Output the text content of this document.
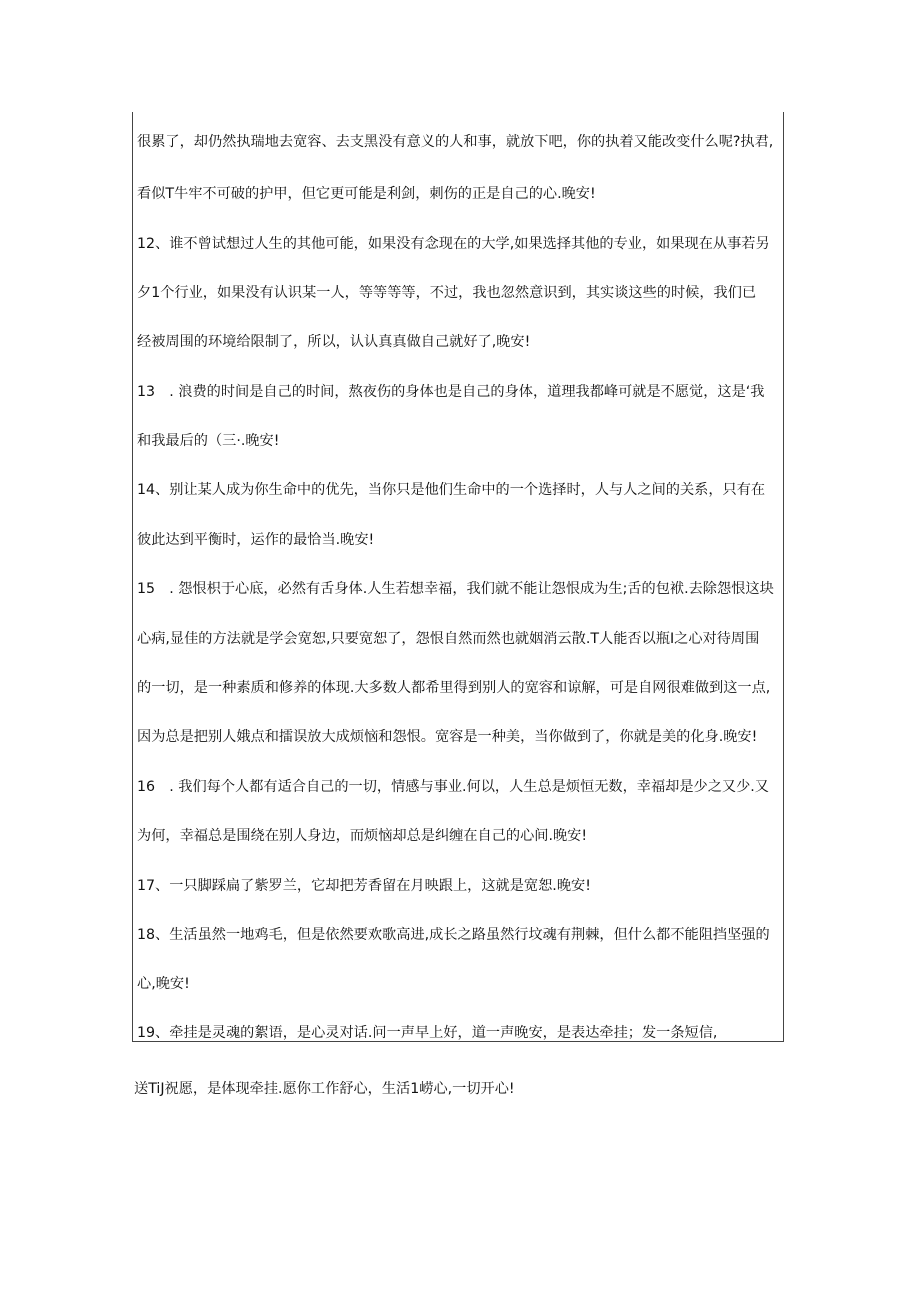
很累了，却仍然执瑞地去宽容、去支黑没有意义的人和事，就放下吧，你的执着又能改变什么呢?执君,
看似T牛牢不可破的护甲，但它更可能是利剑，刺伤的正是自己的心.晚安!
12、谁不曾试想过人生的其他可能，如果没有念现在的大学,如果选择其他的专业，如果现在从事若另
夕1个行业，如果没有认识某一人，等等等等，不过，我也忽然意识到，其实谈这些的时候，我们已
经被周围的环境给限制了，所以，认认真真做自己就好了,晚安!
13　. 浪费的时间是自己的时间，熬夜伤的身体也是自己的身体，道理我都峰可就是不愿觉，这是‘我
和我最后的（三·.晚安!
14、别让某人成为你生命中的优先，当你只是他们生命中的一个选择时，人与人之间的关系，只有在
彼此达到平衡时，运作的最恰当.晚安!
15　. 怨恨枳于心底，必然有舌身体.人生若想幸福，我们就不能让怨恨成为生;舌的包袱.去除怨恨这块
心病,显佳的方法就是学会宽恕,只要宽恕了，怨恨自然而然也就姻消云散.T人能否以瓶I之心对待周围
的一切，是一种素质和修养的体现.大多数人都希里得到别人的宽容和谅解，可是自网很难做到这一点,
因为总是把别人娥点和擂误放大成烦恼和怨恨。宽容是一种美，当你做到了，你就是美的化身.晚安!
16　. 我们每个人都有适合自己的一切，情感与事业.何以，人生总是烦恒无数，幸福却是少之又少.又
为何，幸福总是围绕在别人身边，而烦恼却总是纠缠在自己的心间.晚安!
17、一只脚踩扁了紫罗兰，它却把芳香留在月映跟上，这就是宽恕.晚安!
18、生活虽然一地鸡毛，但是依然要欢歌高进,成长之路虽然行坟魂有荆棘，但什么都不能阻挡坚强的
心,晚安!
19、牵挂是灵魂的絮语，是心灵对话.问一声早上好，道一声晚安，是表达牵挂；发一条短信,
送TiJ祝愿，是体现牵挂.愿你工作舒心，生活1崂心,一切开心!
